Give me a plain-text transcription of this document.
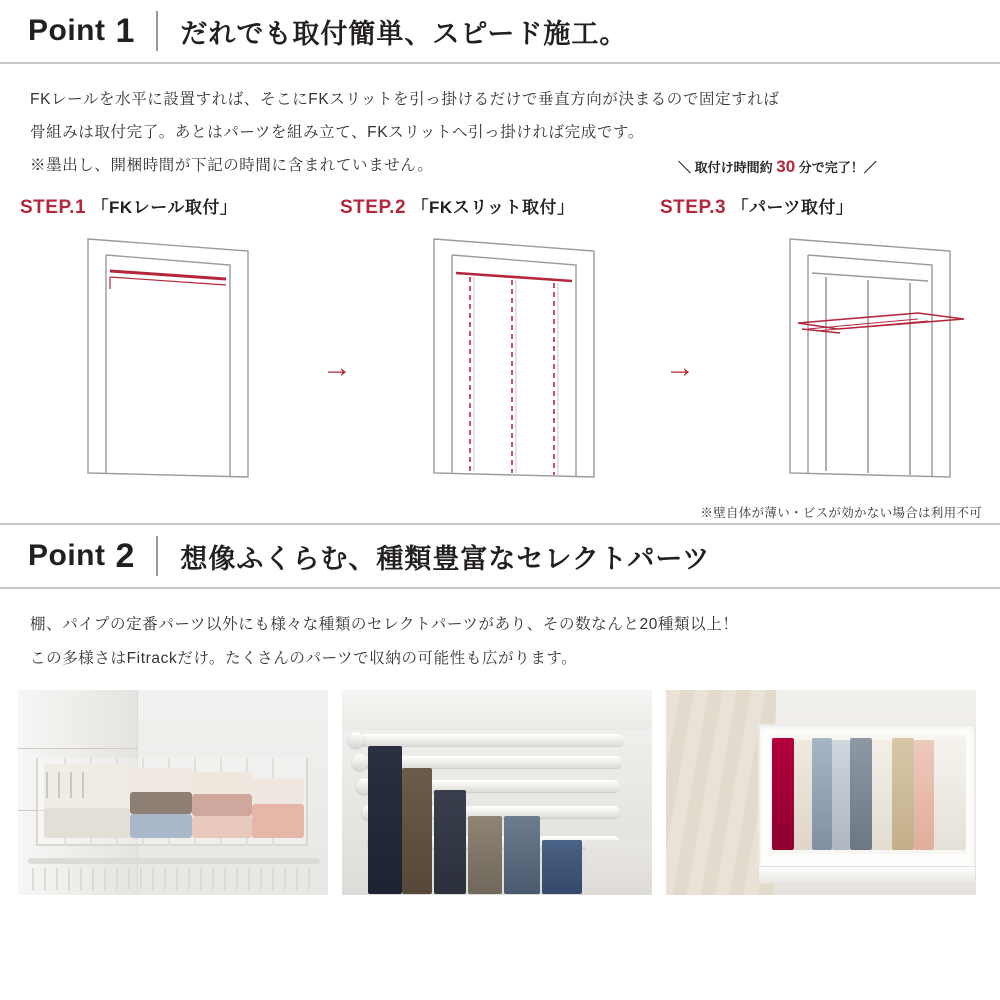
Point 1 だれでも取付簡単、スピード施工。

FKレールを水平に設置すれば、そこにFKスリットを引っ掛けるだけで垂直方向が決まるので固定すれば

骨組みは取付完了。あとはパーツを組み立て、FKスリットへ引っ掛ければ完成です。

※墨出し、開梱時間が下記の時間に含まれていません。

STEP.1 「FKレール取付」	STEP.2 「FKスリット取付」
＼ 取付け時間約 30 分で完了！／
STEP.3 「パーツ取付」
→	→
※壁自体が薄い・ビスが効かない場合は利用不可
Point 2 想像ふくらむ、種類豊富なセレクトパーツ

棚、パイプの定番パーツ以外にも様々な種類のセレクトパーツがあり、その数なんと20種類以上！

この多様さはFitrackだけ。たくさんのパーツで収納の可能性も広がります。
